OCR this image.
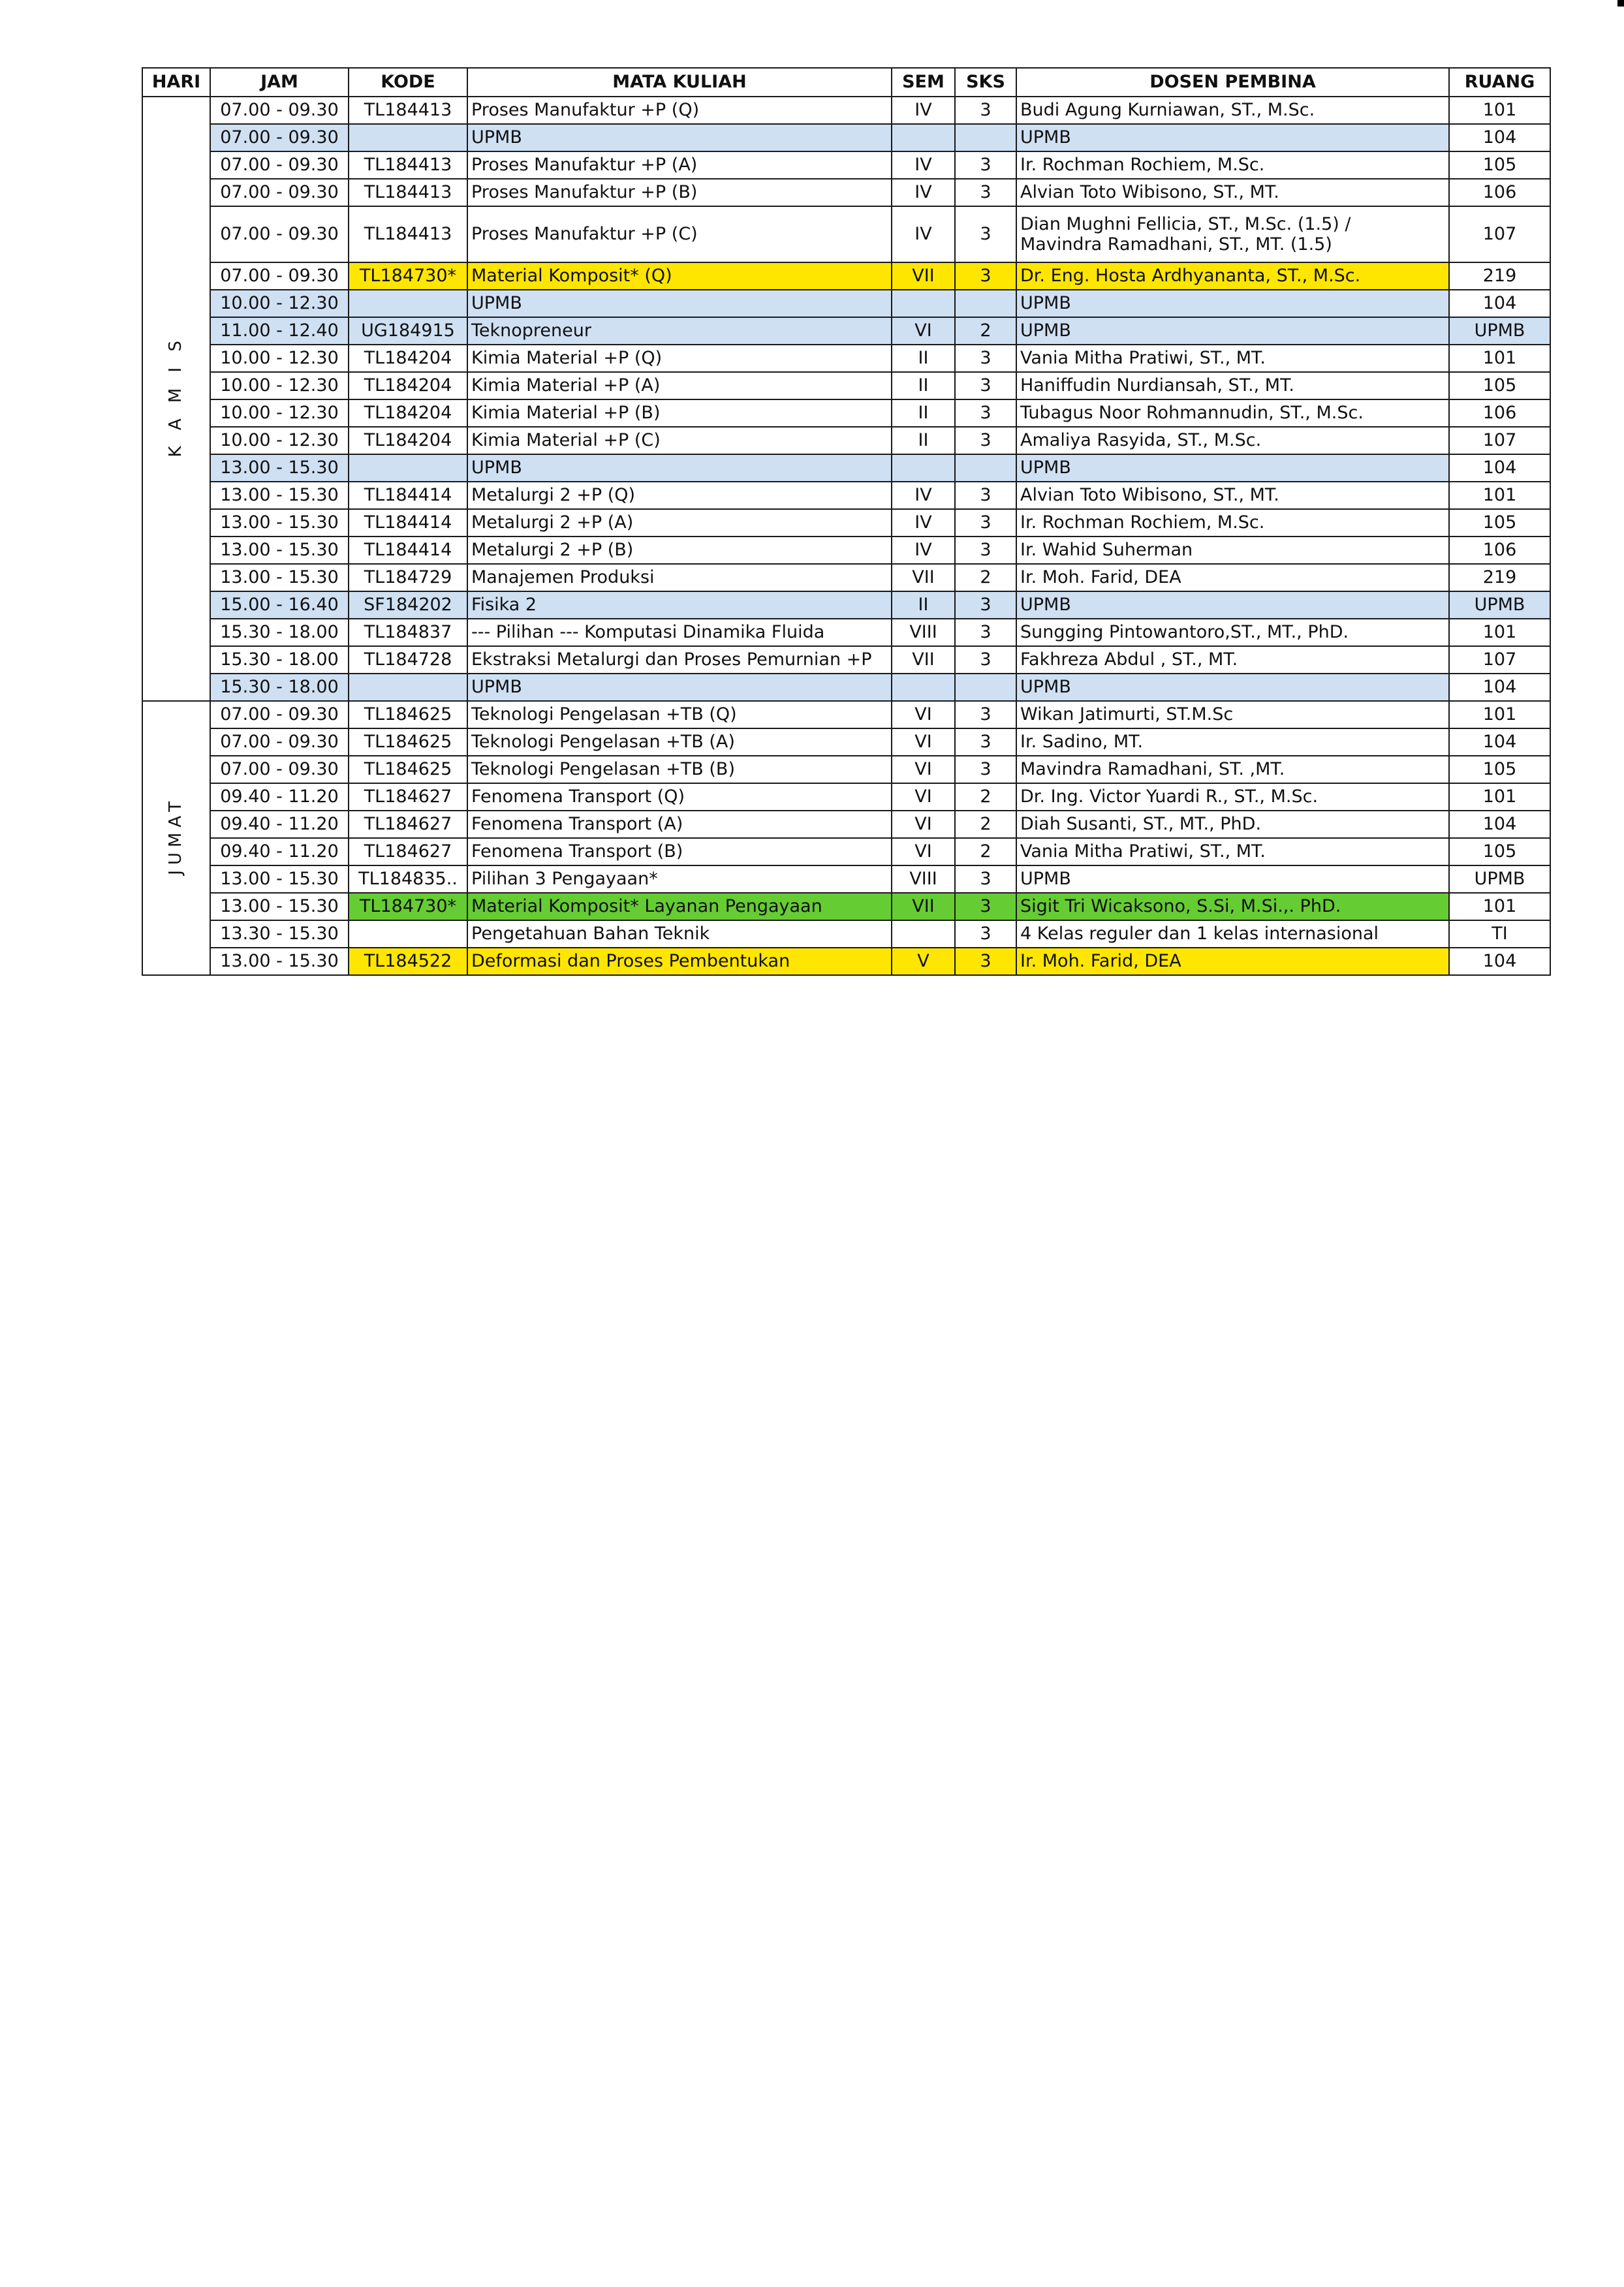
HARI	JAM	KODE	MATA KULIAH	SEM	SKS	DOSEN PEMBINA	RUANG
K A M I S	07.00 - 09.30	TL184413	Proses Manufaktur +P (Q)	IV	3	Budi Agung Kurniawan, ST., M.Sc.	101
	07.00 - 09.30		UPMB			UPMB	104
	07.00 - 09.30	TL184413	Proses Manufaktur +P (A)	IV	3	Ir. Rochman Rochiem, M.Sc.	105
	07.00 - 09.30	TL184413	Proses Manufaktur +P (B)	IV	3	Alvian Toto Wibisono, ST., MT.	106
	07.00 - 09.30	TL184413	Proses Manufaktur +P (C)	IV	3	Dian Mughni Fellicia, ST., M.Sc. (1.5) /
Mavindra Ramadhani, ST., MT. (1.5)	107
	07.00 - 09.30	TL184730*	Material Komposit* (Q)	VII	3	Dr. Eng. Hosta Ardhyananta, ST., M.Sc.	219
	10.00 - 12.30		UPMB			UPMB	104
	11.00 - 12.40	UG184915	Teknopreneur	VI	2	UPMB	UPMB
	10.00 - 12.30	TL184204	Kimia Material +P (Q)	II	3	Vania Mitha Pratiwi, ST., MT.	101
	10.00 - 12.30	TL184204	Kimia Material +P (A)	II	3	Haniffudin Nurdiansah, ST., MT.	105
	10.00 - 12.30	TL184204	Kimia Material +P (B)	II	3	Tubagus Noor Rohmannudin, ST., M.Sc.	106
	10.00 - 12.30	TL184204	Kimia Material +P (C)	II	3	Amaliya Rasyida, ST., M.Sc.	107
	13.00 - 15.30		UPMB			UPMB	104
	13.00 - 15.30	TL184414	Metalurgi 2 +P (Q)	IV	3	Alvian Toto Wibisono, ST., MT.	101
	13.00 - 15.30	TL184414	Metalurgi 2 +P (A)	IV	3	Ir. Rochman Rochiem, M.Sc.	105
	13.00 - 15.30	TL184414	Metalurgi 2 +P (B)	IV	3	Ir. Wahid Suherman	106
	13.00 - 15.30	TL184729	Manajemen Produksi	VII	2	Ir. Moh. Farid, DEA	219
	15.00 - 16.40	SF184202	Fisika 2	II	3	UPMB	UPMB
	15.30 - 18.00	TL184837	--- Pilihan --- Komputasi Dinamika Fluida	VIII	3	Sungging Pintowantoro,ST., MT., PhD.	101
	15.30 - 18.00	TL184728	Ekstraksi Metalurgi dan Proses Pemurnian +P	VII	3	Fakhreza Abdul , ST., MT.	107
	15.30 - 18.00		UPMB			UPMB	104
JUMAT	07.00 - 09.30	TL184625	Teknologi Pengelasan +TB (Q)	VI	3	Wikan Jatimurti, ST.M.Sc	101
	07.00 - 09.30	TL184625	Teknologi Pengelasan +TB (A)	VI	3	Ir. Sadino, MT.	104
	07.00 - 09.30	TL184625	Teknologi Pengelasan +TB (B)	VI	3	Mavindra Ramadhani, ST. ,MT.	105
	09.40 - 11.20	TL184627	Fenomena Transport (Q)	VI	2	Dr. Ing. Victor Yuardi R., ST., M.Sc.	101
	09.40 - 11.20	TL184627	Fenomena Transport (A)	VI	2	Diah Susanti, ST., MT., PhD.	104
	09.40 - 11.20	TL184627	Fenomena Transport (B)	VI	2	Vania Mitha Pratiwi, ST., MT.	105
	13.00 - 15.30	TL184835..	Pilihan 3 Pengayaan*	VIII	3	UPMB	UPMB
	13.00 - 15.30	TL184730*	Material Komposit* Layanan Pengayaan	VII	3	Sigit Tri Wicaksono, S.Si, M.Si.,. PhD.	101
	13.30 - 15.30		Pengetahuan Bahan Teknik		3	4 Kelas reguler dan 1 kelas internasional	TI
	13.00 - 15.30	TL184522	Deformasi dan Proses Pembentukan	V	3	Ir. Moh. Farid, DEA	104
